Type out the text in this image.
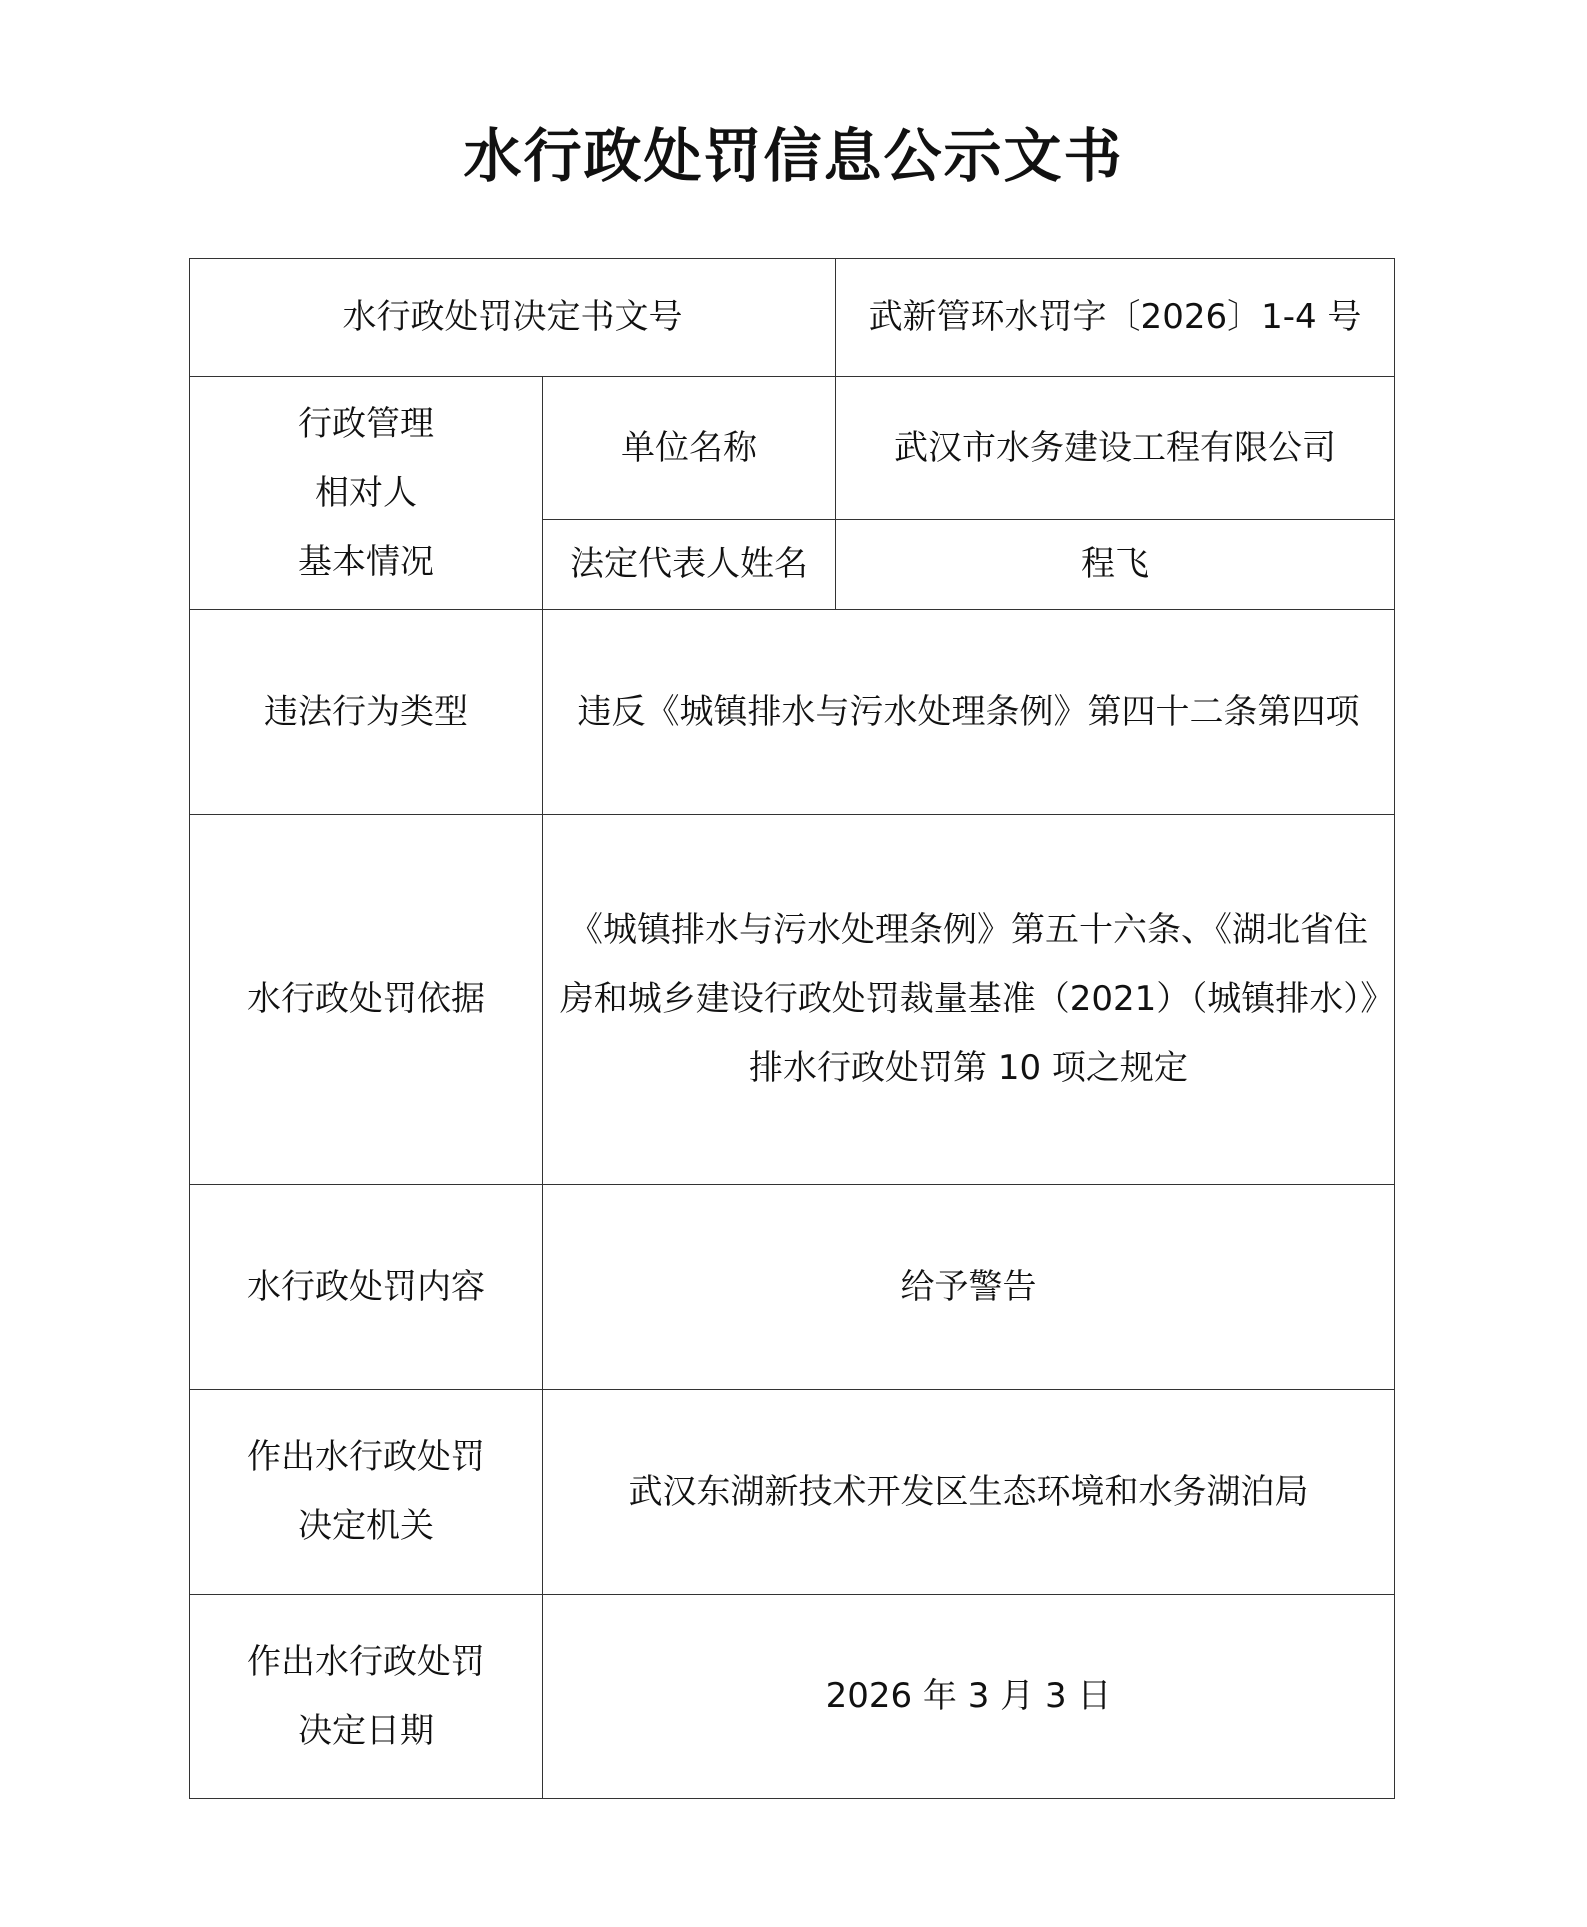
水行政处罚信息公示文书
水行政处罚决定书文号		武新管环水罚字〔2026〕1-4 号

行政管理
相对人
基本情况	单位名称	武汉市水务建设工程有限公司
	法定代表人姓名	程飞
违法行为类型	违反《城镇排水与污水处理条例》第四十二条第四项	
水行政处罚依据	《城镇排水与污水处理条例》第五十六条、《湖北省住房和城乡建设行政处罚裁量基准（2021）（城镇排水）》排水行政处罚第 10 项之规定	
水行政处罚内容	给予警告	

作出水行政处罚
决定机关	武汉东湖新技术开发区生态环境和水务湖泊局	

作出水行政处罚
决定日期	2026 年 3 月 3 日	
